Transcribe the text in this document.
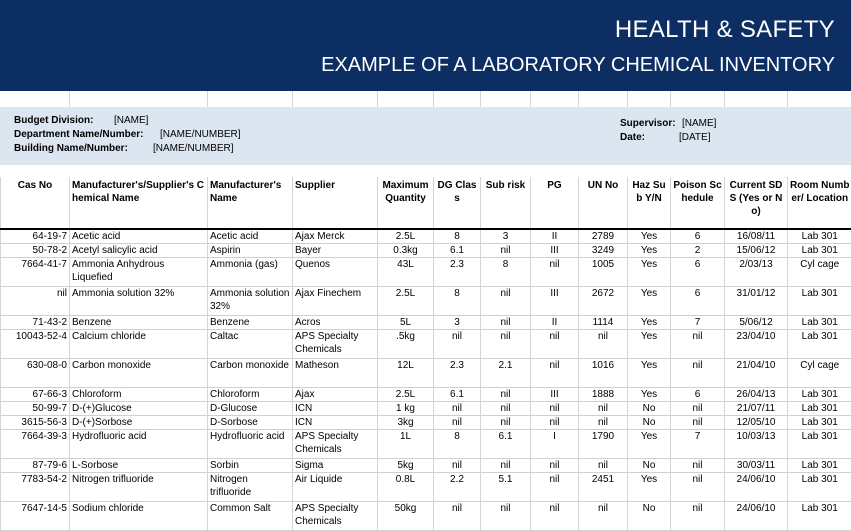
HEALTH & SAFETY
EXAMPLE OF A LABORATORY CHEMICAL INVENTORY
Budget Division: [NAME]
Department Name/Number: [NAME/NUMBER]
Building Name/Number:	[NAME/NUMBER]
Supervisor: [NAME]
Date:	[DATE]
Cas No	Manufacturer's/Supplier's Chemical Name	Manufacturer's Name	Supplier	Maximum Quantity	DG Class	Sub risk	PG	UN No	Haz Sub Y/N	Poison Schedule	Current SDS (Yes or No)	Room Number/ Location
64-19-7	Acetic acid	Acetic acid	Ajax Merck	2.5L	8	3	II	2789	Yes	6	16/08/11	Lab 301
50-78-2	Acetyl salicylic acid	Aspirin	Bayer	0.3kg	6.1	nil	III	3249	Yes	2	15/06/12	Lab 301
7664-41-7	Ammonia Anhydrous Liquefied	Ammonia (gas)	Quenos	43L	2.3	8	nil	1005	Yes	6	2/03/13	Cyl cage
nil	Ammonia solution 32%	Ammonia solution 32%	Ajax Finechem	2.5L	8	nil	III	2672	Yes	6	31/01/12	Lab 301
71-43-2	Benzene	Benzene	Acros	5L	3	nil	II	1114	Yes	7	5/06/12	Lab 301
10043-52-4	Calcium chloride	Caltac	APS Specialty Chemicals	.5kg	nil	nil	nil	nil	Yes	nil	23/04/10	Lab 301
630-08-0	Carbon monoxide	Carbon monoxide	Matheson	12L	2.3	2.1	nil	1016	Yes	nil	21/04/10	Cyl cage
67-66-3	Chloroform	Chloroform	Ajax	2.5L	6.1	nil	III	1888	Yes	6	26/04/13	Lab 301
50-99-7	D-(+)Glucose	D-Glucose	ICN	1 kg	nil	nil	nil	nil	No	nil	21/07/11	Lab 301
3615-56-3	D-(+)Sorbose	D-Sorbose	ICN	3kg	nil	nil	nil	nil	No	nil	12/05/10	Lab 301
7664-39-3	Hydrofluoric acid	Hydrofluoric acid	APS Specialty Chemicals	1L	8	6.1	I	1790	Yes	7	10/03/13	Lab 301
87-79-6	L-Sorbose	Sorbin	Sigma	5kg	nil	nil	nil	nil	No	nil	30/03/11	Lab 301
7783-54-2	Nitrogen trifluoride	Nitrogen trifluoride	Air Liquide	0.8L	2.2	5.1	nil	2451	Yes	nil	24/06/10	Lab 301
7647-14-5	Sodium chloride	Common Salt	APS Specialty Chemicals	50kg	nil	nil	nil	nil	No	nil	24/06/10	Lab 301
